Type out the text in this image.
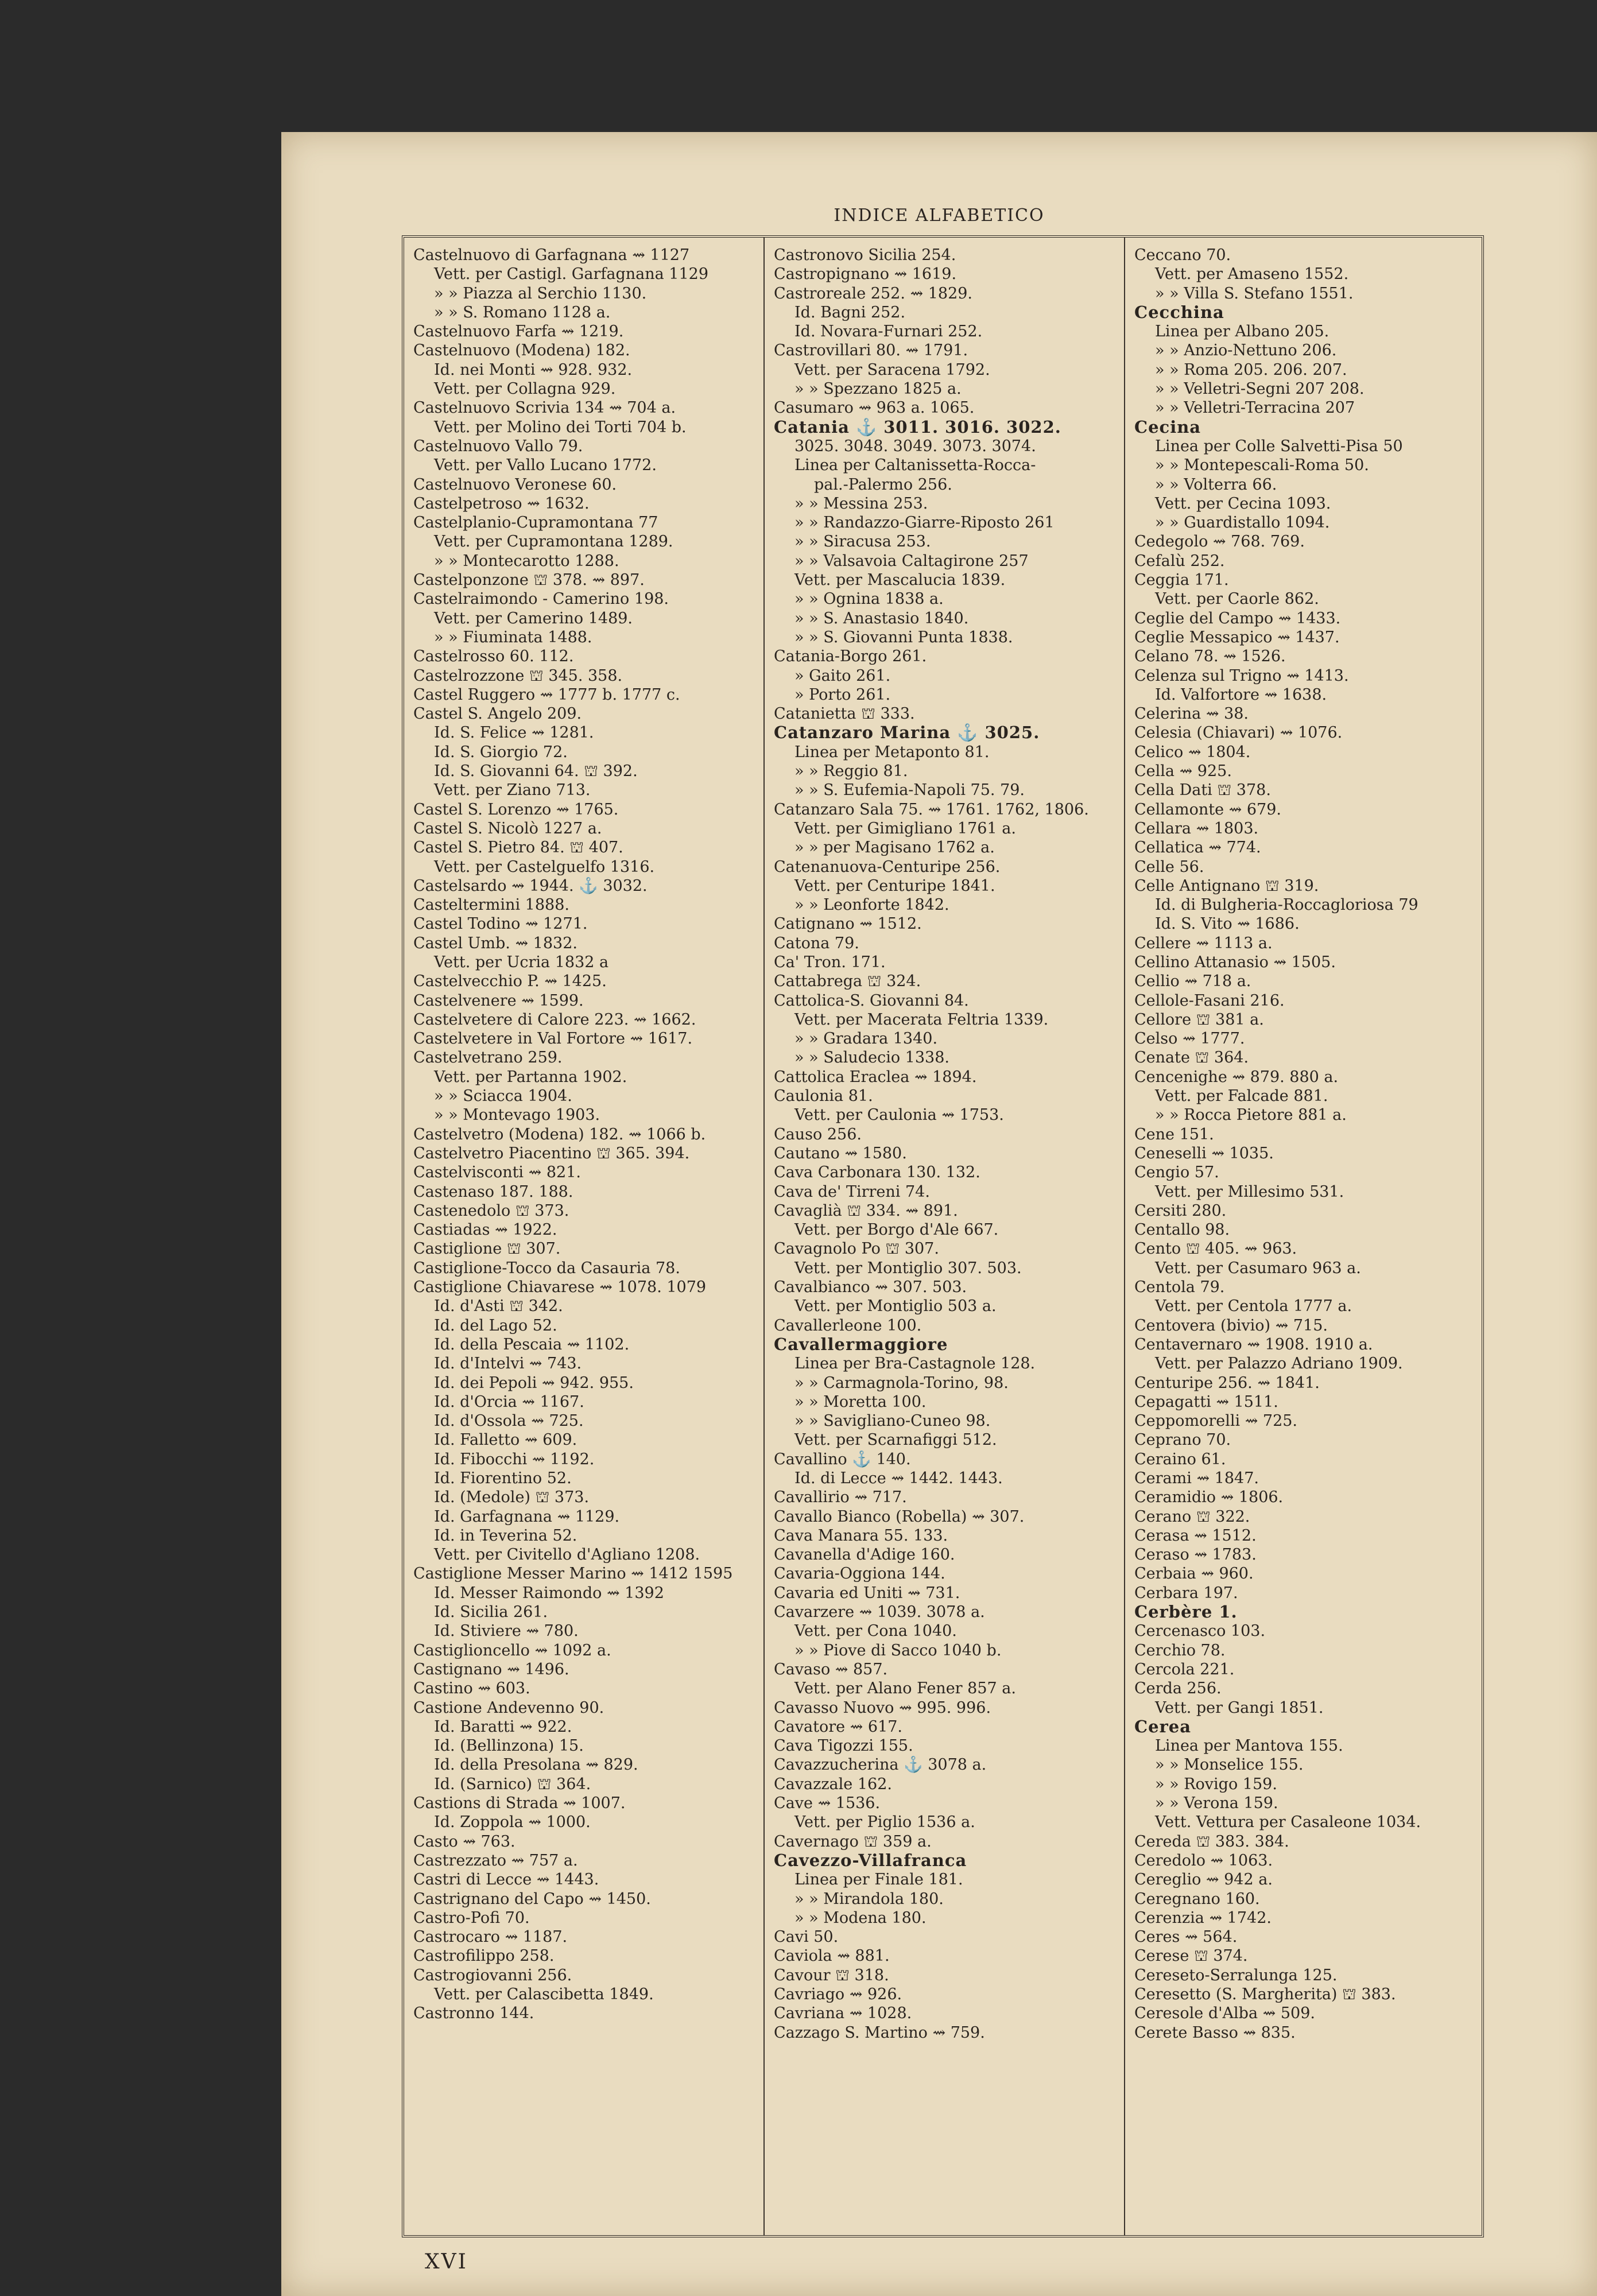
INDICE ALFABETICO
Castelnuovo di Garfagnana ⇝ 1127
Vett. per Castigl. Garfagnana 1129
» » Piazza al Serchio 1130.
» » S. Romano 1128 a.
Castelnuovo Farfa ⇝ 1219.
Castelnuovo (Modena) 182.
Id. nei Monti ⇝ 928. 932.
Vett. per Collagna 929.
Castelnuovo Scrivia 134 ⇝ 704 a.
Vett. per Molino dei Torti 704 b.
Castelnuovo Vallo 79.
Vett. per Vallo Lucano 1772.
Castelnuovo Veronese 60.
Castelpetroso ⇝ 1632.
Castelplanio-Cupramontana 77
Vett. per Cupramontana 1289.
» » Montecarotto 1288.
Castelponzone ⛫ 378. ⇝ 897.
Castelraimondo - Camerino 198.
Vett. per Camerino 1489.
» » Fiuminata 1488.
Castelrosso 60. 112.
Castelrozzone ⛫ 345. 358.
Castel Ruggero ⇝ 1777 b. 1777 c.
Castel S. Angelo 209.
Id. S. Felice ⇝ 1281.
Id. S. Giorgio 72.
Id. S. Giovanni 64. ⛫ 392.
Vett. per Ziano 713.
Castel S. Lorenzo ⇝ 1765.
Castel S. Nicolò 1227 a.
Castel S. Pietro 84. ⛫ 407.
Vett. per Castelguelfo 1316.
Castelsardo ⇝ 1944. ⚓ 3032.
Casteltermini 1888.
Castel Todino ⇝ 1271.
Castel Umb. ⇝ 1832.
Vett. per Ucria 1832 a
Castelvecchio P. ⇝ 1425.
Castelvenere ⇝ 1599.
Castelvetere di Calore 223. ⇝ 1662.
Castelvetere in Val Fortore ⇝ 1617.
Castelvetrano 259.
Vett. per Partanna 1902.
» » Sciacca 1904.
» » Montevago 1903.
Castelvetro (Modena) 182. ⇝ 1066 b.
Castelvetro Piacentino ⛫ 365. 394.
Castelvisconti ⇝ 821.
Castenaso 187. 188.
Castenedolo ⛫ 373.
Castiadas ⇝ 1922.
Castiglione ⛫ 307.
Castiglione-Tocco da Casauria 78.
Castiglione Chiavarese ⇝ 1078. 1079
Id. d'Asti ⛫ 342.
Id. del Lago 52.
Id. della Pescaia ⇝ 1102.
Id. d'Intelvi ⇝ 743.
Id. dei Pepoli ⇝ 942. 955.
Id. d'Orcia ⇝ 1167.
Id. d'Ossola ⇝ 725.
Id. Falletto ⇝ 609.
Id. Fibocchi ⇝ 1192.
Id. Fiorentino 52.
Id. (Medole) ⛫ 373.
Id. Garfagnana ⇝ 1129.
Id. in Teverina 52.
Vett. per Civitello d'Agliano 1208.
Castiglione Messer Marino ⇝ 1412 1595
Id. Messer Raimondo ⇝ 1392
Id. Sicilia 261.
Id. Stiviere ⇝ 780.
Castiglioncello ⇝ 1092 a.
Castignano ⇝ 1496.
Castino ⇝ 603.
Castione Andevenno 90.
Id. Baratti ⇝ 922.
Id. (Bellinzona) 15.
Id. della Presolana ⇝ 829.
Id. (Sarnico) ⛫ 364.
Castions di Strada ⇝ 1007.
Id. Zoppola ⇝ 1000.
Casto ⇝ 763.
Castrezzato ⇝ 757 a.
Castri di Lecce ⇝ 1443.
Castrignano del Capo ⇝ 1450.
Castro-Pofi 70.
Castrocaro ⇝ 1187.
Castrofilippo 258.
Castrogiovanni 256.
Vett. per Calascibetta 1849.
Castronno 144.
Castronovo Sicilia 254.
Castropignano ⇝ 1619.
Castroreale 252. ⇝ 1829.
Id. Bagni 252.
Id. Novara-Furnari 252.
Castrovillari 80. ⇝ 1791.
Vett. per Saracena 1792.
» » Spezzano 1825 a.
Casumaro ⇝ 963 a. 1065.
Catania ⚓ 3011. 3016. 3022.
3025. 3048. 3049. 3073. 3074.
Linea per Caltanissetta-Rocca-
pal.-Palermo 256.
» » Messina 253.
» » Randazzo-Giarre-Riposto 261
» » Siracusa 253.
» » Valsavoia Caltagirone 257
Vett. per Mascalucia 1839.
» » Ognina 1838 a.
» » S. Anastasio 1840.
» » S. Giovanni Punta 1838.
Catania-Borgo 261.
» Gaito 261.
» Porto 261.
Catanietta ⛫ 333.
Catanzaro Marina ⚓ 3025.
Linea per Metaponto 81.
» » Reggio 81.
» » S. Eufemia-Napoli 75. 79.
Catanzaro Sala 75. ⇝ 1761. 1762, 1806.
Vett. per Gimigliano 1761 a.
» » per Magisano 1762 a.
Catenanuova-Centuripe 256.
Vett. per Centuripe 1841.
» » Leonforte 1842.
Catignano ⇝ 1512.
Catona 79.
Ca' Tron. 171.
Cattabrega ⛫ 324.
Cattolica-S. Giovanni 84.
Vett. per Macerata Feltria 1339.
» » Gradara 1340.
» » Saludecio 1338.
Cattolica Eraclea ⇝ 1894.
Caulonia 81.
Vett. per Caulonia ⇝ 1753.
Causo 256.
Cautano ⇝ 1580.
Cava Carbonara 130. 132.
Cava de' Tirreni 74.
Cavaglià ⛫ 334. ⇝ 891.
Vett. per Borgo d'Ale 667.
Cavagnolo Po ⛫ 307.
Vett. per Montiglio 307. 503.
Cavalbianco ⇝ 307. 503.
Vett. per Montiglio 503 a.
Cavallerleone 100.
Cavallermaggiore
Linea per Bra-Castagnole 128.
» » Carmagnola-Torino, 98.
» » Moretta 100.
» » Savigliano-Cuneo 98.
Vett. per Scarnafiggi 512.
Cavallino ⚓ 140.
Id. di Lecce ⇝ 1442. 1443.
Cavallirio ⇝ 717.
Cavallo Bianco (Robella) ⇝ 307.
Cava Manara 55. 133.
Cavanella d'Adige 160.
Cavaria-Oggiona 144.
Cavaria ed Uniti ⇝ 731.
Cavarzere ⇝ 1039. 3078 a.
Vett. per Cona 1040.
» » Piove di Sacco 1040 b.
Cavaso ⇝ 857.
Vett. per Alano Fener 857 a.
Cavasso Nuovo ⇝ 995. 996.
Cavatore ⇝ 617.
Cava Tigozzi 155.
Cavazzucherina ⚓ 3078 a.
Cavazzale 162.
Cave ⇝ 1536.
Vett. per Piglio 1536 a.
Cavernago ⛫ 359 a.
Cavezzo-Villafranca
Linea per Finale 181.
» » Mirandola 180.
» » Modena 180.
Cavi 50.
Caviola ⇝ 881.
Cavour ⛫ 318.
Cavriago ⇝ 926.
Cavriana ⇝ 1028.
Cazzago S. Martino ⇝ 759.
Ceccano 70.
Vett. per Amaseno 1552.
» » Villa S. Stefano 1551.
Cecchina
Linea per Albano 205.
» » Anzio-Nettuno 206.
» » Roma 205. 206. 207.
» » Velletri-Segni 207 208.
» » Velletri-Terracina 207
Cecina
Linea per Colle Salvetti-Pisa 50
» » Montepescali-Roma 50.
» » Volterra 66.
Vett. per Cecina 1093.
» » Guardistallo 1094.
Cedegolo ⇝ 768. 769.
Cefalù 252.
Ceggia 171.
Vett. per Caorle 862.
Ceglie del Campo ⇝ 1433.
Ceglie Messapico ⇝ 1437.
Celano 78. ⇝ 1526.
Celenza sul Trigno ⇝ 1413.
Id. Valfortore ⇝ 1638.
Celerina ⇝ 38.
Celesia (Chiavari) ⇝ 1076.
Celico ⇝ 1804.
Cella ⇝ 925.
Cella Dati ⛫ 378.
Cellamonte ⇝ 679.
Cellara ⇝ 1803.
Cellatica ⇝ 774.
Celle 56.
Celle Antignano ⛫ 319.
Id. di Bulgheria-Roccagloriosa 79
Id. S. Vito ⇝ 1686.
Cellere ⇝ 1113 a.
Cellino Attanasio ⇝ 1505.
Cellio ⇝ 718 a.
Cellole-Fasani 216.
Cellore ⛫ 381 a.
Celso ⇝ 1777.
Cenate ⛫ 364.
Cencenighe ⇝ 879. 880 a.
Vett. per Falcade 881.
» » Rocca Pietore 881 a.
Cene 151.
Ceneselli ⇝ 1035.
Cengio 57.
Vett. per Millesimo 531.
Cersiti 280.
Centallo 98.
Cento ⛫ 405. ⇝ 963.
Vett. per Casumaro 963 a.
Centola 79.
Vett. per Centola 1777 a.
Centovera (bivio) ⇝ 715.
Centavernaro ⇝ 1908. 1910 a.
Vett. per Palazzo Adriano 1909.
Centuripe 256. ⇝ 1841.
Cepagatti ⇝ 1511.
Ceppomorelli ⇝ 725.
Ceprano 70.
Ceraino 61.
Cerami ⇝ 1847.
Ceramidio ⇝ 1806.
Cerano ⛫ 322.
Cerasa ⇝ 1512.
Ceraso ⇝ 1783.
Cerbaia ⇝ 960.
Cerbara 197.
Cerbère 1.
Cercenasco 103.
Cerchio 78.
Cercola 221.
Cerda 256.
Vett. per Gangi 1851.
Cerea
Linea per Mantova 155.
» » Monselice 155.
» » Rovigo 159.
» » Verona 159.
Vett. Vettura per Casaleone 1034.
Cereda ⛫ 383. 384.
Ceredolo ⇝ 1063.
Cereglio ⇝ 942 a.
Ceregnano 160.
Cerenzia ⇝ 1742.
Ceres ⇝ 564.
Cerese ⛫ 374.
Cereseto-Serralunga 125.
Ceresetto (S. Margherita) ⛫ 383.
Ceresole d'Alba ⇝ 509.
Cerete Basso ⇝ 835.
XVI
